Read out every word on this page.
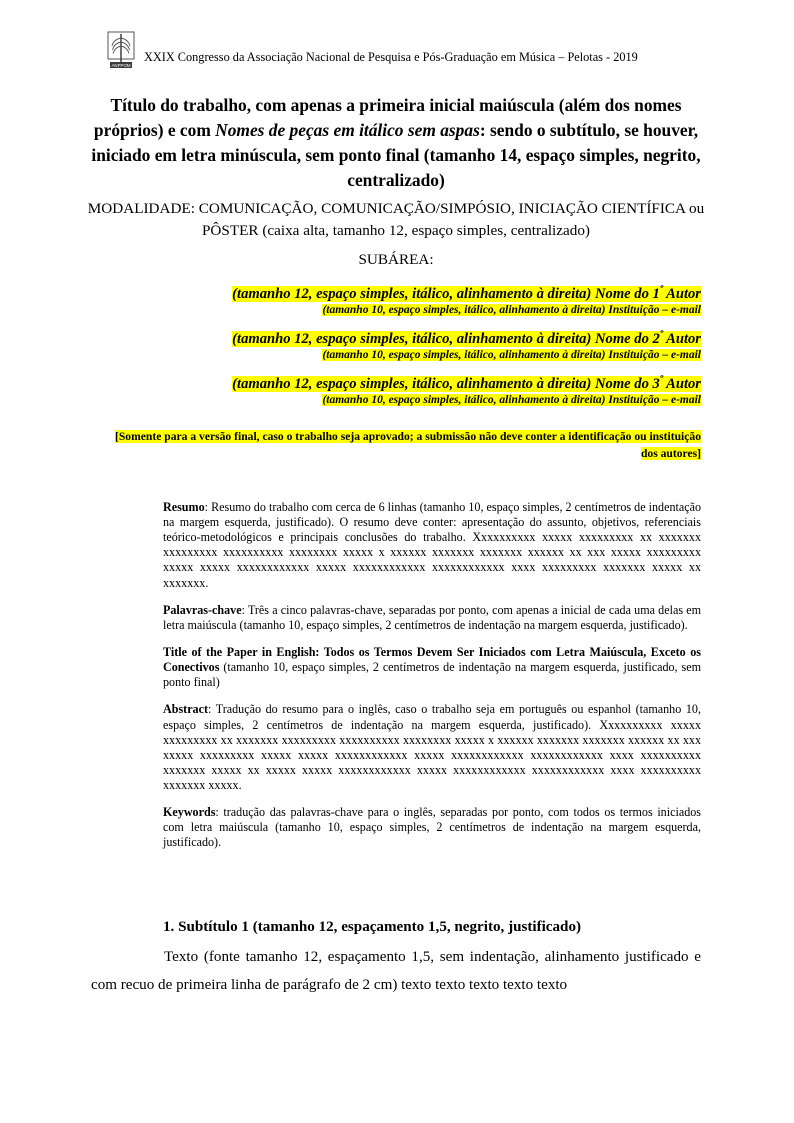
ANPPOM
XXIX Congresso da Associação Nacional de Pesquisa e Pós-Graduação em Música – Pelotas - 2019
Título do trabalho, com apenas a primeira inicial maiúscula (além dos nomes próprios) e com Nomes de peças em itálico sem aspas: sendo o subtítulo, se houver, iniciado em letra minúscula, sem ponto final (tamanho 14, espaço simples, negrito, centralizado)
MODALIDADE: COMUNICAÇÃO, COMUNICAÇÃO/SIMPÓSIO, INICIAÇÃO CIENTÍFICA ou PÔSTER (caixa alta, tamanho 12, espaço simples, centralizado)
SUBÁREA:
(tamanho 12, espaço simples, itálico, alinhamento à direita) Nome do $1^º$ Autor
(tamanho 10, espaço simples, itálico, alinhamento à direita) Instituição – e-mail
(tamanho 12, espaço simples, itálico, alinhamento à direita) Nome do $2^º$ Autor
(tamanho 10, espaço simples, itálico, alinhamento à direita) Instituição – e-mail
(tamanho 12, espaço simples, itálico, alinhamento à direita) Nome do $3^º$ Autor
(tamanho 10, espaço simples, itálico, alinhamento à direita) Instituição – e-mail
[Somente para a versão final, caso o trabalho seja aprovado; a submissão não deve conter a identificação ou instituição dos autores]

Resumo: Resumo do trabalho com cerca de 6 linhas (tamanho 10, espaço simples, 2 centímetros de indentação na margem esquerda, justificado). O resumo deve conter: apresentação do assunto, objetivos, referenciais teórico-metodológicos e principais conclusões do trabalho. Xxxxxxxxxx xxxxx xxxxxxxxx xx xxxxxxx xxxxxxxxx xxxxxxxxxx xxxxxxxx xxxxx x xxxxxx xxxxxxx xxxxxxx xxxxxx xx xxx xxxxx xxxxxxxxx xxxxx xxxxx xxxxxxxxxxxx xxxxx xxxxxxxxxxxx xxxxxxxxxxxx xxxx xxxxxxxxx xxxxxxx xxxxx xx xxxxxxx.

Palavras-chave: Três a cinco palavras-chave, separadas por ponto, com apenas a inicial de cada uma delas em letra maiúscula (tamanho 10, espaço simples, 2 centímetros de indentação na margem esquerda, justificado).

Title of the Paper in English: Todos os Termos Devem Ser Iniciados com Letra Maiúscula, Exceto os Conectivos (tamanho 10, espaço simples, 2 centímetros de indentação na margem esquerda, justificado, sem ponto final)

Abstract: Tradução do resumo para o inglês, caso o trabalho seja em português ou espanhol (tamanho 10, espaço simples, 2 centímetros de indentação na margem esquerda, justificado). Xxxxxxxxxx xxxxx xxxxxxxxx xx xxxxxxx xxxxxxxxx xxxxxxxxxx xxxxxxxx xxxxx x xxxxxx xxxxxxx xxxxxxx xxxxxx xx xxx xxxxx xxxxxxxxx xxxxx xxxxx xxxxxxxxxxxx xxxxx xxxxxxxxxxxx xxxxxxxxxxxx xxxx xxxxxxxxxx xxxxxxx xxxxx xx xxxxx xxxxx xxxxxxxxxxxx xxxxx xxxxxxxxxxxx xxxxxxxxxxxx xxxx xxxxxxxxxx xxxxxxx xxxxx.

Keywords: tradução das palavras-chave para o inglês, separadas por ponto, com todos os termos iniciados com letra maiúscula (tamanho 10, espaço simples, 2 centímetros de indentação na margem esquerda, justificado).

1. Subtítulo 1 (tamanho 12, espaçamento 1,5, negrito, justificado)
Texto (fonte tamanho 12, espaçamento 1,5, sem indentação, alinhamento justificado e com recuo de primeira linha de parágrafo de 2 cm) texto texto texto texto texto
